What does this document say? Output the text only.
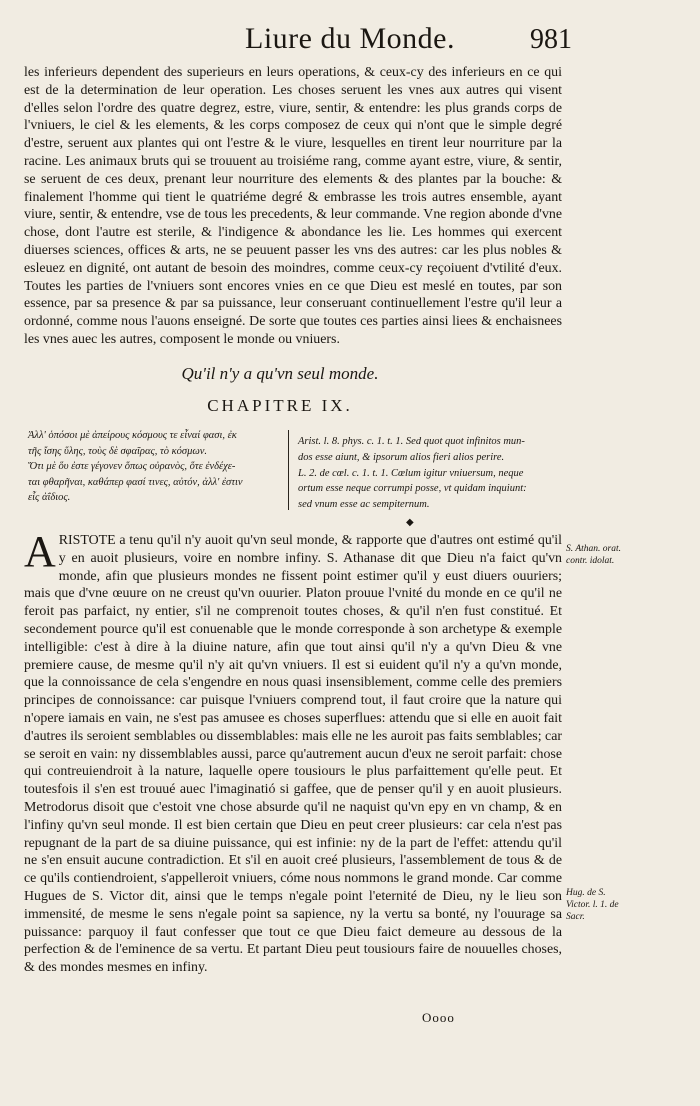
Liure du Monde.	981

les inferieurs dependent des superieurs en leurs operations, & ceux-cy des inferieurs en ce qui est de la determination de leur operation. Les choses seruent les vnes aux autres qui visent d'elles selon l'ordre des quatre degrez, estre, viure, sentir, & entendre: les plus grands corps de l'vniuers, le ciel & les elements, & les corps composez de ceux qui n'ont que le simple degré d'estre, seruent aux plantes qui ont l'estre & le viure, lesquelles en tirent leur nourriture par la racine. Les animaux bruts qui se trouuent au troisiéme rang, comme ayant estre, viure, & sentir, se seruent de ces deux, prenant leur nourriture des elements & des plantes par la bouche: & finalement l'homme qui tient le quatriéme degré & embrasse les trois autres ensemble, ayant viure, sentir, & entendre, vse de tous les precedents, & leur commande. Vne region abonde d'vne chose, dont l'autre est sterile, & l'indigence & abondance les lie. Les hommes qui exercent diuerses sciences, offices & arts, ne se peuuent passer les vns des autres: car les plus nobles & esleuez en dignité, ont autant de besoin des moindres, comme ceux-cy reçoiuent d'vtilité d'eux. Toutes les parties de l'vniuers sont encores vnies en ce que Dieu est meslé en toutes, par son essence, par sa presence & par sa puissance, leur conseruant continuellement l'estre qu'il leur a ordonné, comme nous l'auons enseigné. De sorte que toutes ces parties ainsi liees & enchaisnees les vnes auec les autres, composent le monde ou vniuers.

Qu'il n'y a qu'vn seul monde.
CHAPITRE IX.
Ἀλλ' ὁπόσοι μὲ ἀπείρους κόσμους τε εἶναί φασι, ἐκ
τῆς ἴσης ὕλης, τοὺς δὲ σφαῖρας, τὸ κόσμων.
Ὅτι μὲ ὅυ ἐστε γέγονεν ὅπως οὐρανὸς, ὅτε ἐνδέχε-
ται φθαρῆναι, καθάπερ φασί τινες, αὐτόν, ἀλλ' ἐστιν
εἷς ἀΐδιος.
Arist. l. 8. phys. c. 1. t. 1. Sed quot quot infinitos mun-
dos esse aiunt, & ipsorum alios fieri alios perire.
L. 2. de cœl. c. 1. t. 1. Cœlum igitur vniuersum, neque
ortum esse neque corrumpi posse, vt quidam inquiunt:
sed vnum esse ac sempiternum.
◆

ARISTOTE a tenu qu'il n'y auoit qu'vn seul monde, & rapporte que d'autres ont estimé qu'il y en auoit plusieurs, voire en nombre infiny. S. Athanase dit que Dieu n'a faict qu'vn monde, afin que plusieurs mondes ne fissent point estimer qu'il y eust diuers ouuriers; mais que d'vne œuure on ne creust qu'vn ouurier. Platon prouue l'vnité du monde en ce qu'il ne feroit pas parfaict, ny entier, s'il ne comprenoit toutes choses, & qu'il n'en fust constitué. Et secondement pource qu'il est conuenable que le monde corresponde à son archetype & exemple intelligible: c'est à dire à la diuine nature, afin que tout ainsi qu'il n'y a qu'vn Dieu & vne premiere cause, de mesme qu'il n'y ait qu'vn vniuers. Il est si euident qu'il n'y a qu'vn monde, que la connoissance de cela s'engendre en nous quasi insensiblement, comme celle des premiers principes de connoissance: car puisque l'vniuers comprend tout, il faut croire que la nature qui n'opere iamais en vain, ne s'est pas amusee es choses superflues: attendu que si elle en auoit fait d'autres ils seroient semblables ou dissemblables: mais elle ne les auroit pas faits semblables; car se seroit en vain: ny dissemblables aussi, parce qu'autrement aucun d'eux ne seroit parfait: chose qui contreuiendroit à la nature, laquelle opere tousiours le plus parfaittement qu'elle peut. Et toutesfois il s'en est trouué auec l'imaginatió si gaffee, que de penser qu'il y en auoit plusieurs. Metrodorus disoit que c'estoit vne chose absurde qu'il ne naquist qu'vn epy en vn champ, & en l'infiny qu'vn seul monde. Il est bien certain que Dieu en peut creer plusieurs: car cela n'est pas repugnant de la part de sa diuine puissance, qui est infinie: ny de la part de l'effet: attendu qu'il ne s'en ensuit aucune contradiction. Et s'il en auoit creé plusieurs, l'assemblement de tous & de ce qu'ils contiendroient, s'appelleroit vniuers, cóme nous nommons le grand monde. Car comme Hugues de S. Victor dit, ainsi que le temps n'egale point l'eternité de Dieu, ny le lieu son immensité, de mesme le sens n'egale point sa sapience, ny la vertu sa bonté, ny l'ouurage sa puissance: parquoy il faut confesser que tout ce que Dieu faict demeure au dessous de la perfection & de l'eminence de sa vertu. Et partant Dieu peut tousiours faire de nouuelles choses, & des mondes mesmes en infiny.

S. Athan. orat. contr. idolat.
Hug. de S. Victor. l. 1. de Sacr.
Oooo
